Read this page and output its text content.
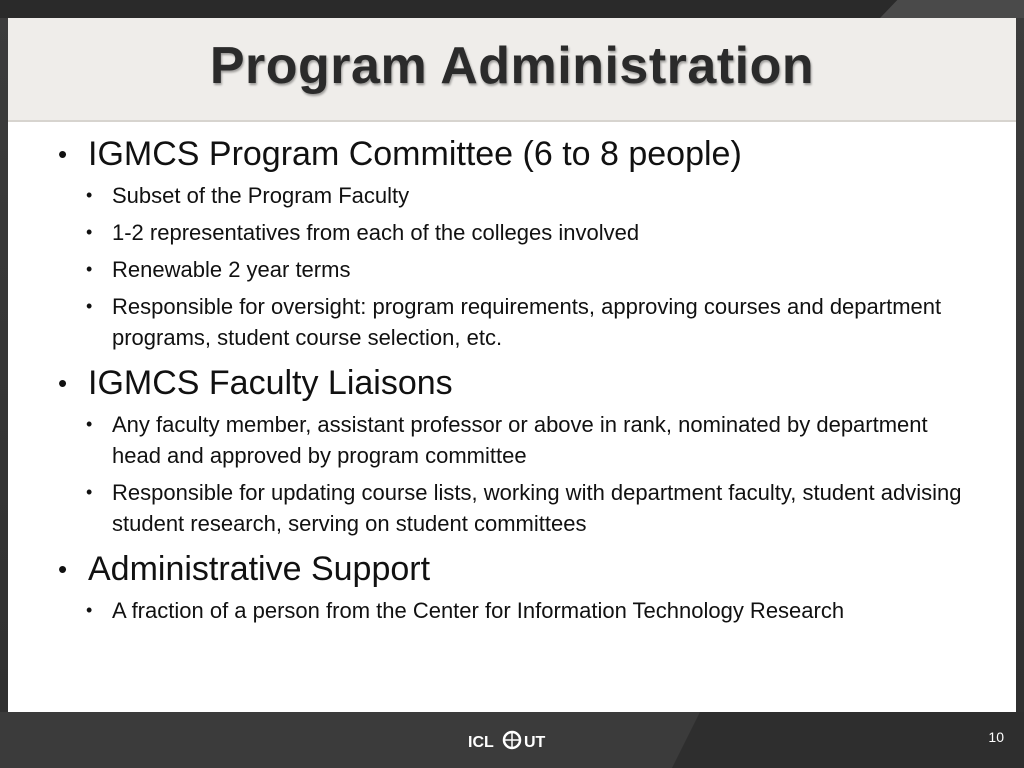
Program Administration
• IGMCS Program Committee (6 to 8 people)
• Subset of the Program Faculty
• 1-2 representatives from each of the colleges involved
• Renewable 2 year terms
• Responsible for oversight: program requirements, approving courses and department programs, student course selection, etc.
• IGMCS Faculty Liaisons
• Any faculty member, assistant professor or above in rank, nominated by department head and approved by program committee
• Responsible for updating course lists, working with department faculty, student advising student research, serving on student committees
• Administrative Support
• A fraction of a person from the Center for Information Technology Research
ICL UT	10
